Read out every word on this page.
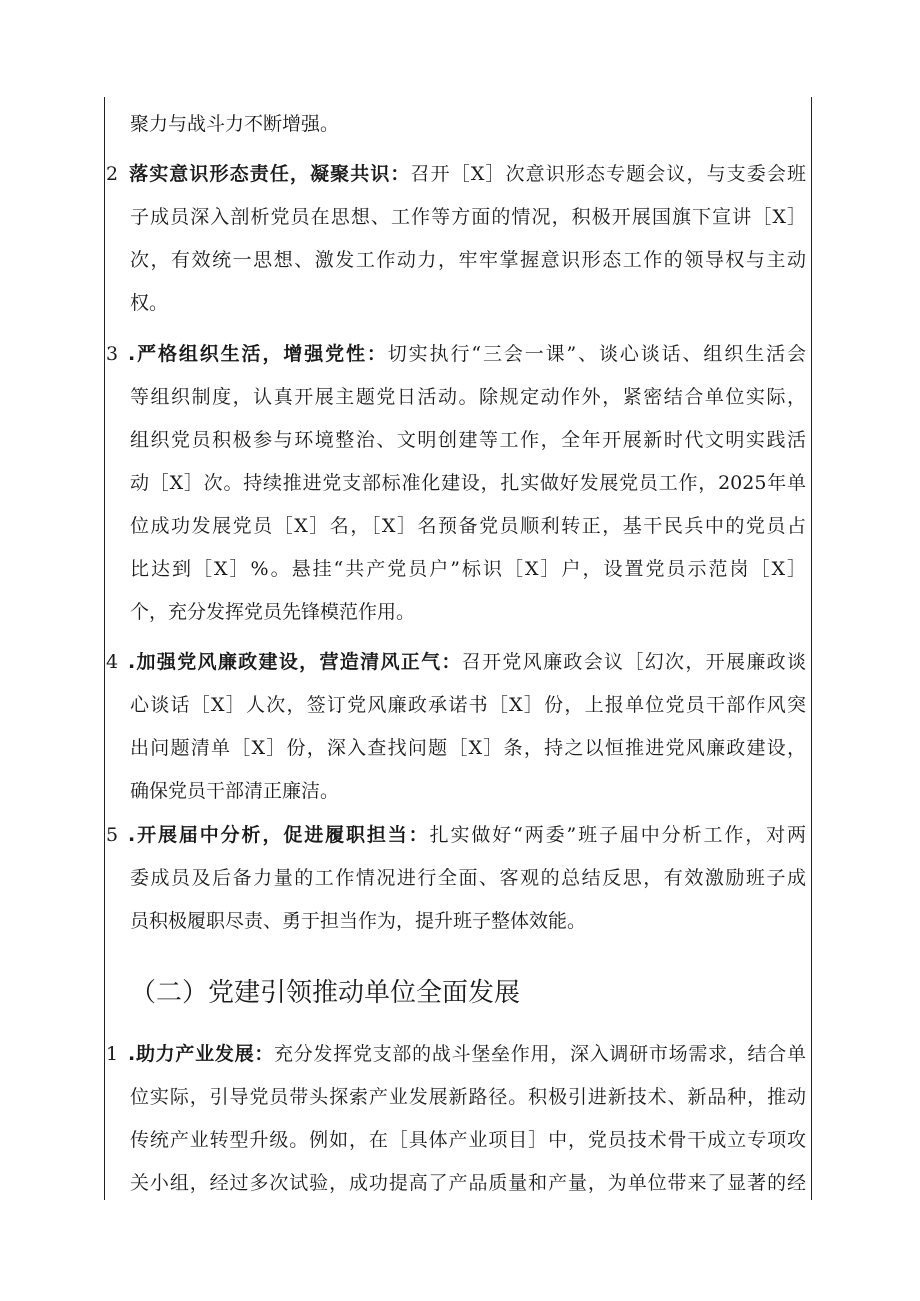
聚力与战斗力不断增强。
2 落实意识形态责任，凝聚共识：召开［X］次意识形态专题会议，与支委会班
子成员深入剖析党员在思想、工作等方面的情况，积极开展国旗下宣讲［X］
次，有效统一思想、激发工作动力，牢牢掌握意识形态工作的领导权与主动
权。
3 .严格组织生活，增强党性：切实执行“三会一课”、谈心谈话、组织生活会
等组织制度，认真开展主题党日活动。除规定动作外，紧密结合单位实际，
组织党员积极参与环境整治、文明创建等工作，全年开展新时代文明实践活
动［X］次。持续推进党支部标准化建设，扎实做好发展党员工作，2025年单
位成功发展党员［X］名，［X］名预备党员顺利转正，基干民兵中的党员占
比达到［X］%。悬挂“共产党员户”标识［X］户，设置党员示范岗［X］
个，充分发挥党员先锋模范作用。
4 .加强党风廉政建设，营造清风正气：召开党风廉政会议［幻次，开展廉政谈
心谈话［X］人次，签订党风廉政承诺书［X］份，上报单位党员干部作风突
出问题清单［X］份，深入查找问题［X］条，持之以恒推进党风廉政建设，
确保党员干部清正廉洁。
5 .开展届中分析，促进履职担当：扎实做好“两委”班子届中分析工作，对两
委成员及后备力量的工作情况进行全面、客观的总结反思，有效激励班子成
员积极履职尽责、勇于担当作为，提升班子整体效能。
（二）党建引领推动单位全面发展
1 .助力产业发展：充分发挥党支部的战斗堡垒作用，深入调研市场需求，结合单
位实际，引导党员带头探索产业发展新路径。积极引进新技术、新品种，推动
传统产业转型升级。例如，在［具体产业项目］中，党员技术骨干成立专项攻
关小组，经过多次试验，成功提高了产品质量和产量，为单位带来了显著的经
